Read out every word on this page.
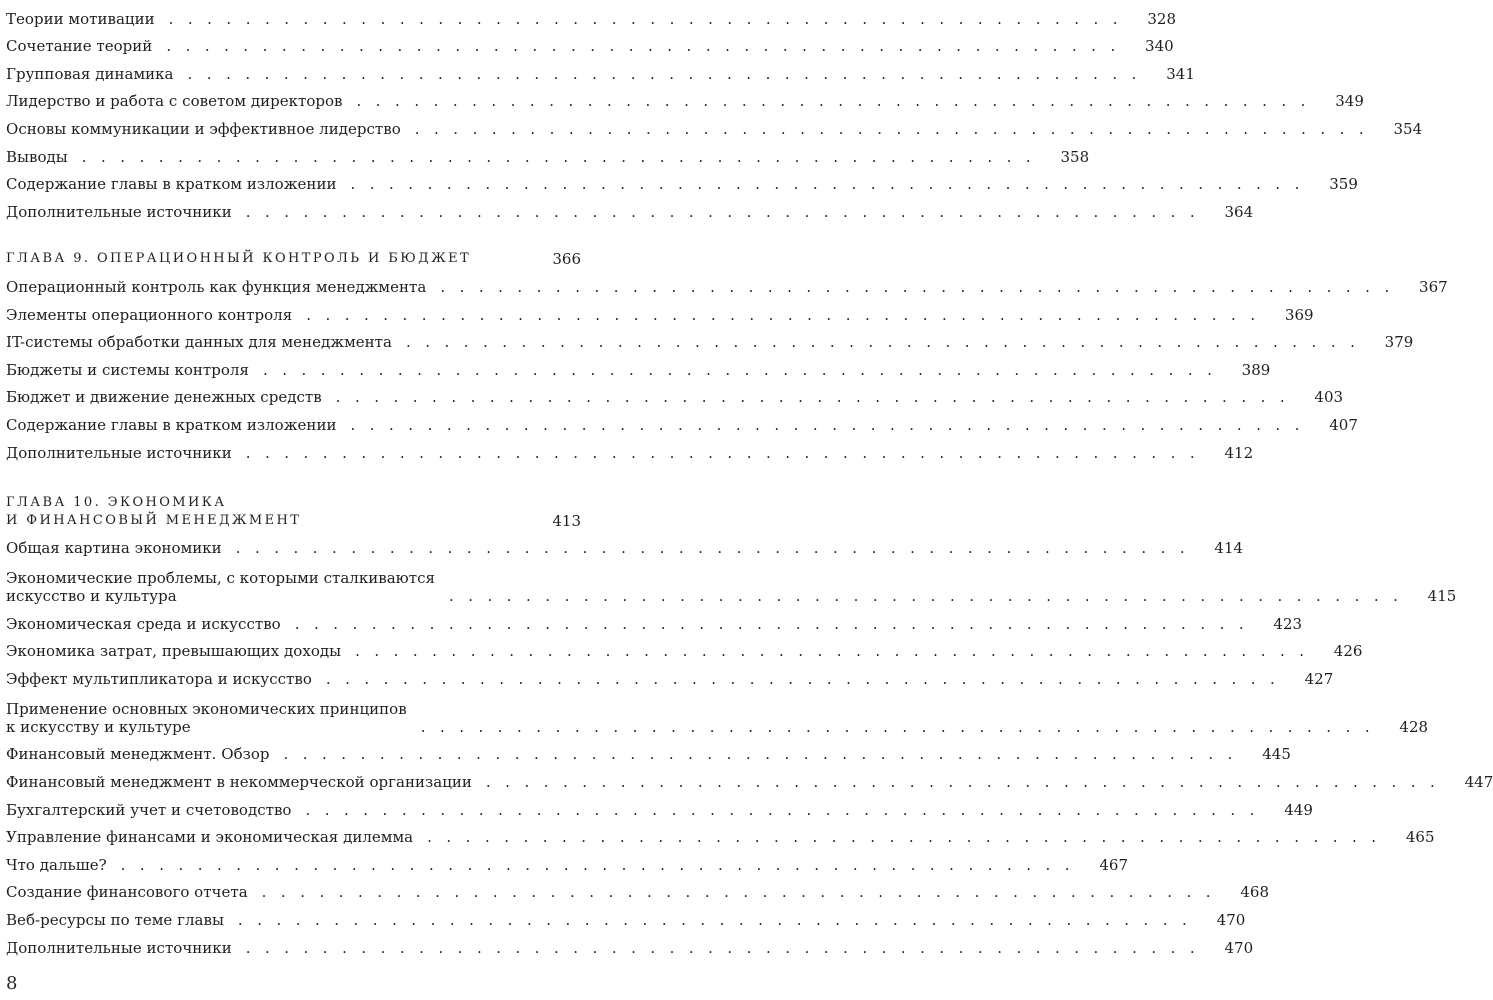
Теории мотивации ..................................................	328
Сочетание теорий ..................................................	340
Групповая динамика ..................................................	341
Лидерство и работа с советом директоров ..................................................	349
Основы коммуникации и эффективное лидерство ..................................................	354
Выводы ..................................................	358
Содержание главы в кратком изложении ..................................................	359
Дополнительные источники ..................................................	364
ГЛАВА 9. ОПЕРАЦИОННЫЙ КОНТРОЛЬ И БЮДЖЕТ	366
Операционный контроль как функция менеджмента ..................................................	367
Элементы операционного контроля ..................................................	369
IT-системы обработки данных для менеджмента ..................................................	379
Бюджеты и системы контроля ..................................................	389
Бюджет и движение денежных средств ..................................................	403
Содержание главы в кратком изложении ..................................................	407
Дополнительные источники ..................................................	412
ГЛАВА 10. ЭКОНОМИКА
И ФИНАНСОВЫЙ МЕНЕДЖМЕНТ	413
Общая картина экономики ..................................................	414
Экономические проблемы, с которыми сталкиваются
искусство и культура	..................................................	415
Экономическая среда и искусство ..................................................	423
Экономика затрат, превышающих доходы ..................................................	426
Эффект мультипликатора и искусство ..................................................	427
Применение основных экономических принципов
к искусству и культуре	..................................................	428
Финансовый менеджмент. Обзор ..................................................	445
Финансовый менеджмент в некоммерческой организации ..................................................	447
Бухгалтерский учет и счетоводство ..................................................	449
Управление финансами и экономическая дилемма ..................................................	465
Что дальше? ..................................................	467
Создание финансового отчета ..................................................	468
Веб-ресурсы по теме главы ..................................................	470
Дополнительные источники ..................................................	470
8
